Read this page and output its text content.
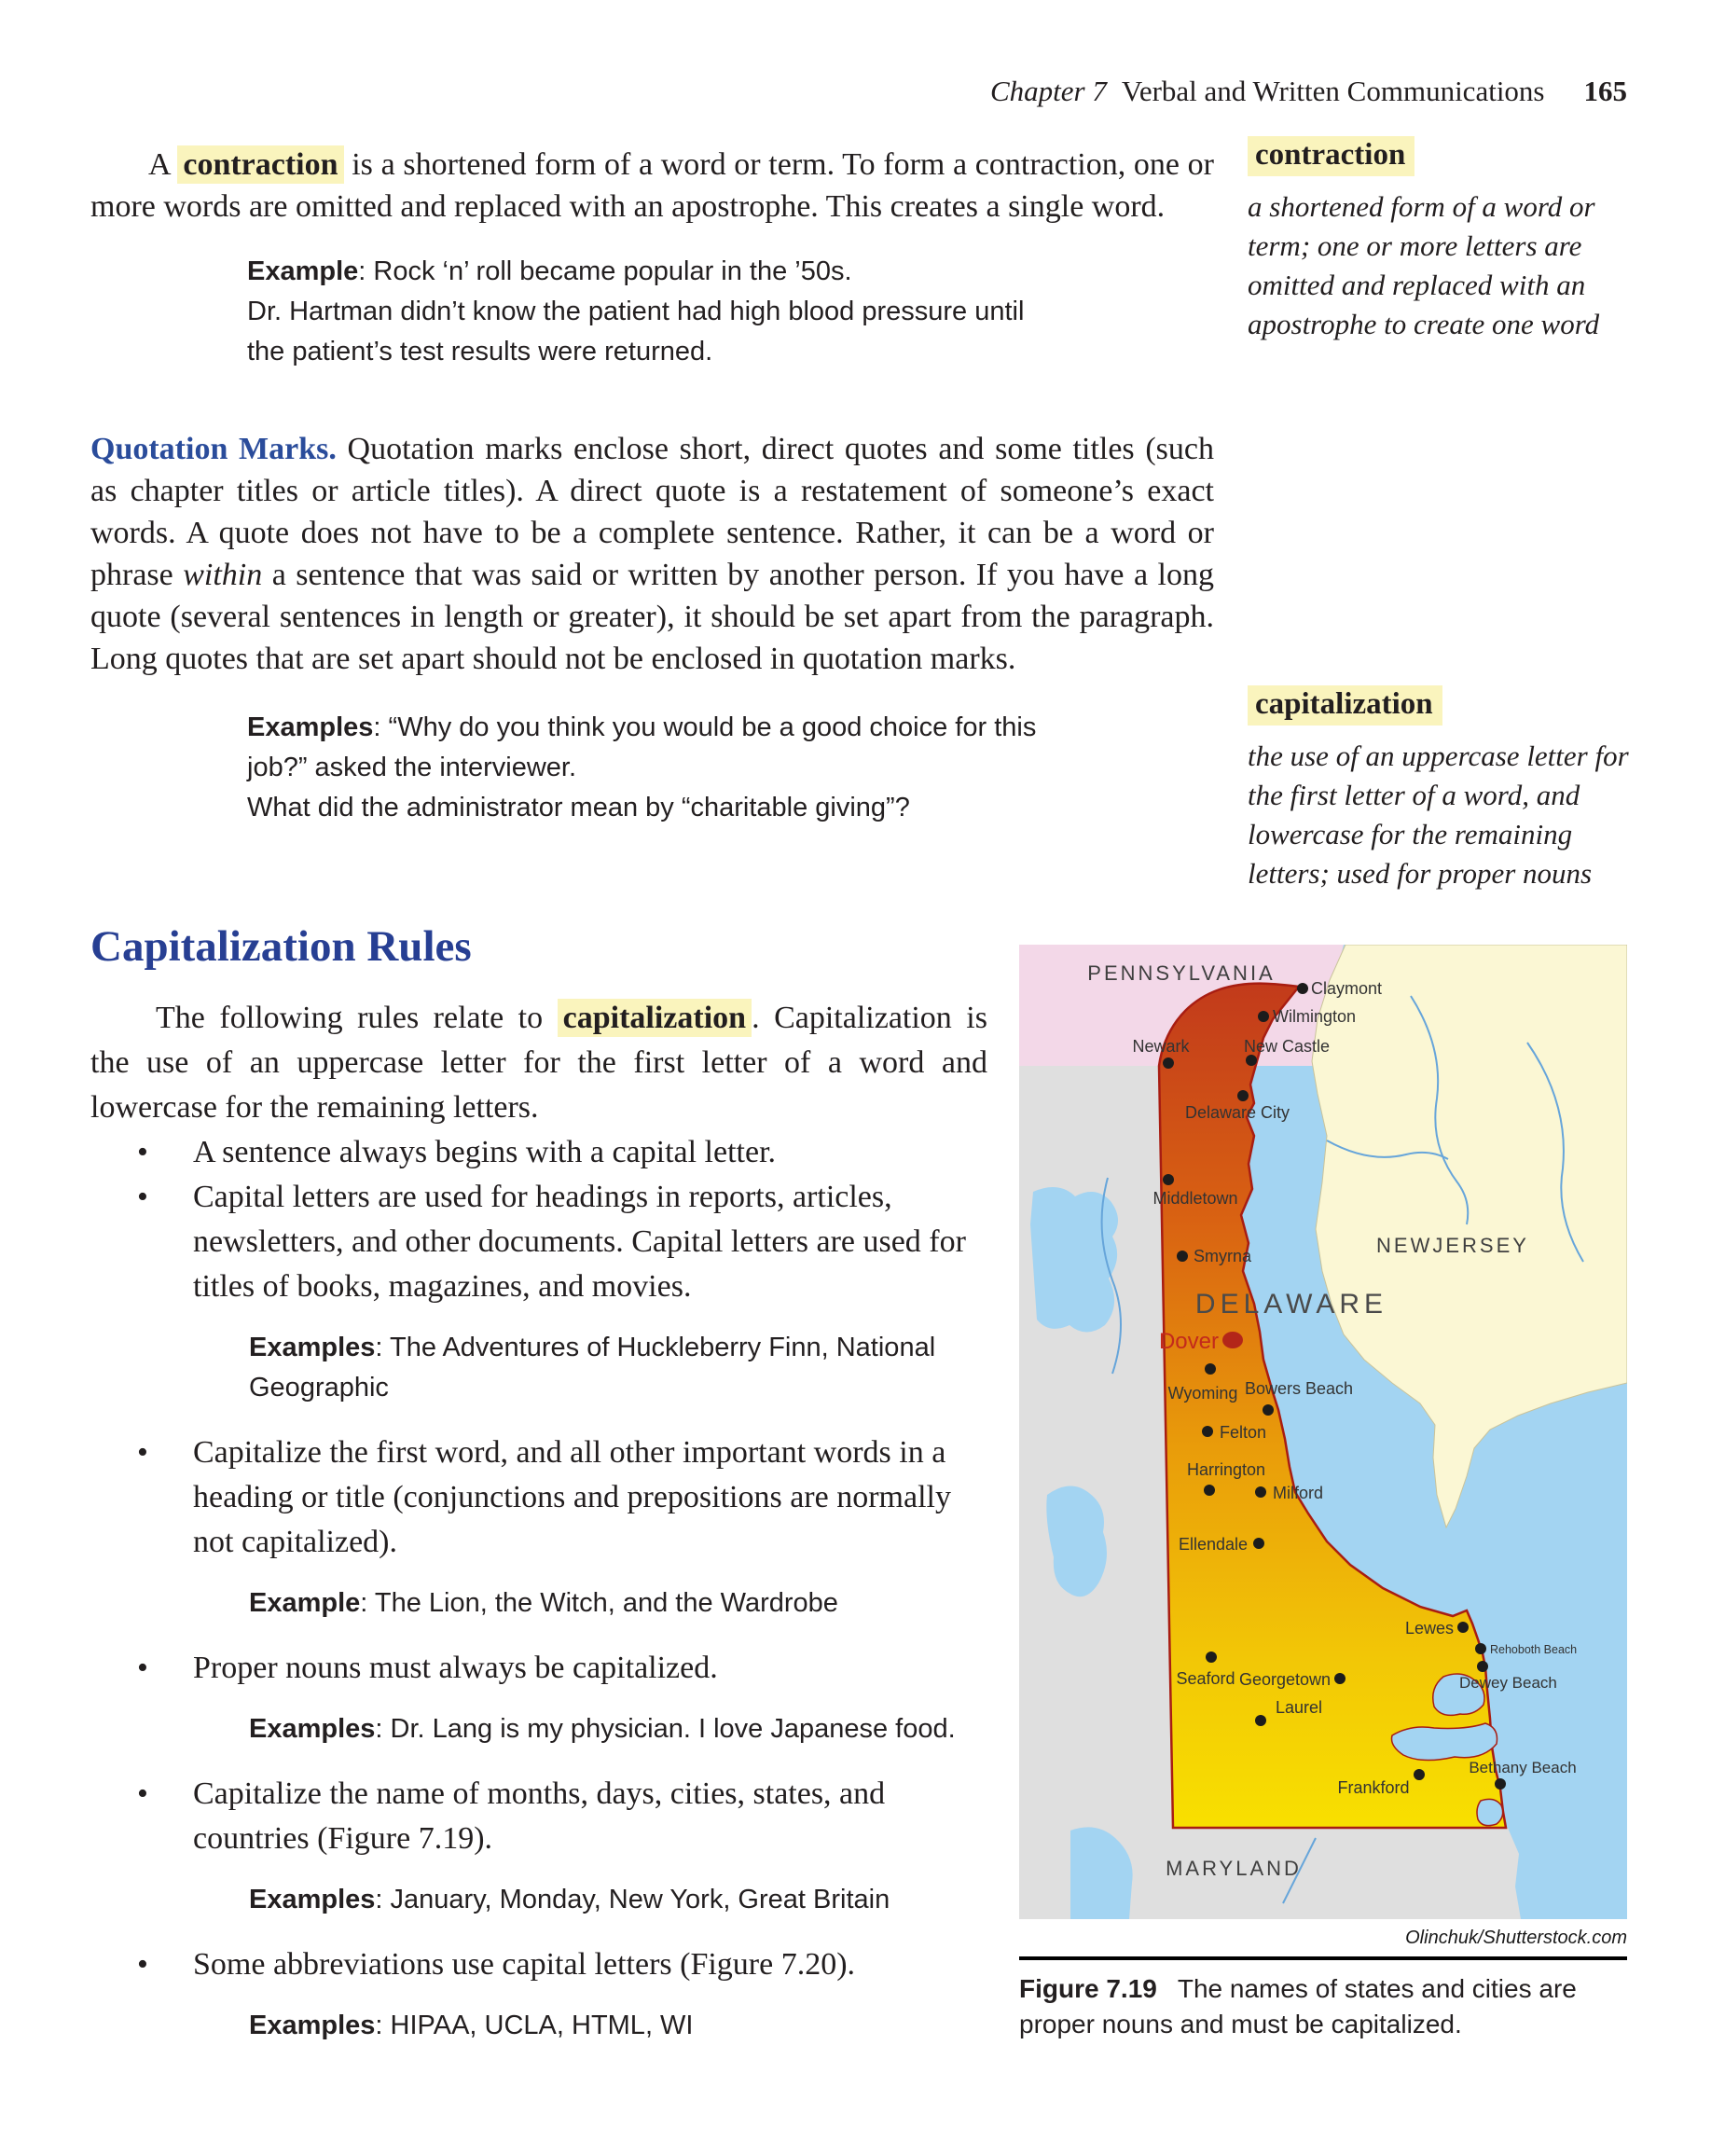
Chapter 7 Verbal and Written Communications 165

A contraction is a shortened form of a word or term. To form a contraction, one or more words are omitted and replaced with an apostrophe. This creates a single word.

Example: Rock ‘n’ roll became popular in the ’50s.

Dr. Hartman didn’t know the patient had high blood pressure until the patient’s test results were returned.

Quotation Marks. Quotation marks enclose short, direct quotes and some titles (such as chapter titles or article titles). A direct quote is a restatement of someone’s exact words. A quote does not have to be a complete sentence. Rather, it can be a word or phrase within a sentence that was said or written by another person. If you have a long quote (several sentences in length or greater), it should be set apart from the paragraph. Long quotes that are set apart should not be enclosed in quotation marks.

Examples: “Why do you think you would be a good choice for this job?” asked the interviewer.

What did the administrator mean by “charitable giving”?

contraction
a shortened form of a word or term; one or more letters are omitted and replaced with an apostrophe to create one word
capitalization
the use of an uppercase letter for the first letter of a word, and lowercase for the remaining letters; used for proper nouns
Capitalization Rules

The following rules relate to capitalization . Capitalization is the use of an uppercase letter for the first letter of a word and lowercase for the remaining letters.

• A sentence always begins with a capital letter.
• Capital letters are used for headings in reports, articles, newsletters, and other documents. Capital letters are used for titles of books, magazines, and movies.
Examples: The Adventures of Huckleberry Finn, National Geographic
• Capitalize the first word, and all other important words in a heading or title (conjunctions and prepositions are normally not capitalized).
Example: The Lion, the Witch, and the Wardrobe
• Proper nouns must always be capitalized.
Examples: Dr. Lang is my physician. I love Japanese food.
• Capitalize the name of months, days, cities, states, and countries (Figure 7.19).
Examples: January, Monday, New York, Great Britain
• Some abbreviations use capital letters (Figure 7.20).
Examples: HIPAA, UCLA, HTML, WI
PENNSYLVANIA
NEWJERSEY
MARYLAND
DELAWARE
Dover
Claymont
Wilmington
Newark	New Castle
Delaware City
Middletown
Smyrna
Wyoming Bowers Beach
Felton
Harrington
Milford
Ellendale
Lewes
Rehoboth Beach
Dewey Beach
Georgetown
Seaford
Laurel
Frankford
Bethany Beach
Olinchuk/Shutterstock.com
Figure 7.19 The names of states and cities are proper nouns and must be capitalized.
